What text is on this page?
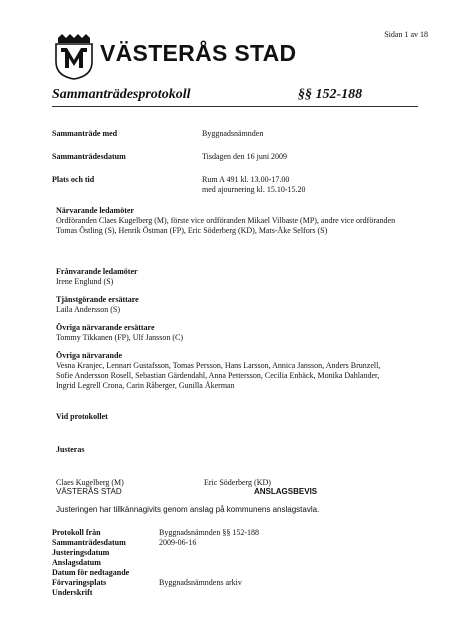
Sidan 1 av 18
VÄSTERÅS STAD
Sammanträdesprotokoll	§§ 152-188
Sammanträde med	Byggnadsnämnden
Sammanträdesdatum	Tisdagen den 16 juni 2009
Plats och tid	Rum A 491 kl. 13.00-17.00
med ajournering kl. 15.10-15.20
Närvarande ledamöter
Ordföranden Claes Kugelberg (M), förste vice ordföranden Mikael Vilbaste (MP), andre vice ordföranden Tomas Östling (S), Henrik Östman (FP), Eric Söderberg (KD), Mats-Åke Selfors (S)
Frånvarande ledamöter
Irene Englund (S)
Tjänstgörande ersättare
Laila Andersson (S)
Övriga närvarande ersättare
Tommy Tikkanen (FP), Ulf Jansson (C)
Övriga närvarande
Vesna Kranjec, Lennart Gustafsson, Tomas Persson, Hans Larsson, Annica Jansson, Anders Brunzell, Sofie Andersson Rosell, Sebastian Gärdendahl, Anna Pettersson, Cecilia Enbäck, Monika Dahlander, Ingrid Legrell Crona, Carin Råberger, Gunilla Åkerman
Vid protokollet
Justeras
Claes Kugelberg (M)	Eric Söderberg (KD)
VÄSTERÅS STAD	ANSLAGSBEVIS
Justeringen har tillkännagivits genom anslag på kommunens anslagstavla.
Protokoll från	Byggnadsnämnden §§ 152-188
Sammanträdesdatum	2009-06-16
Justeringsdatum
Anslagsdatum
Datum för nedtagande
Förvaringsplats	Byggnadsnämndens arkiv
Underskrift
